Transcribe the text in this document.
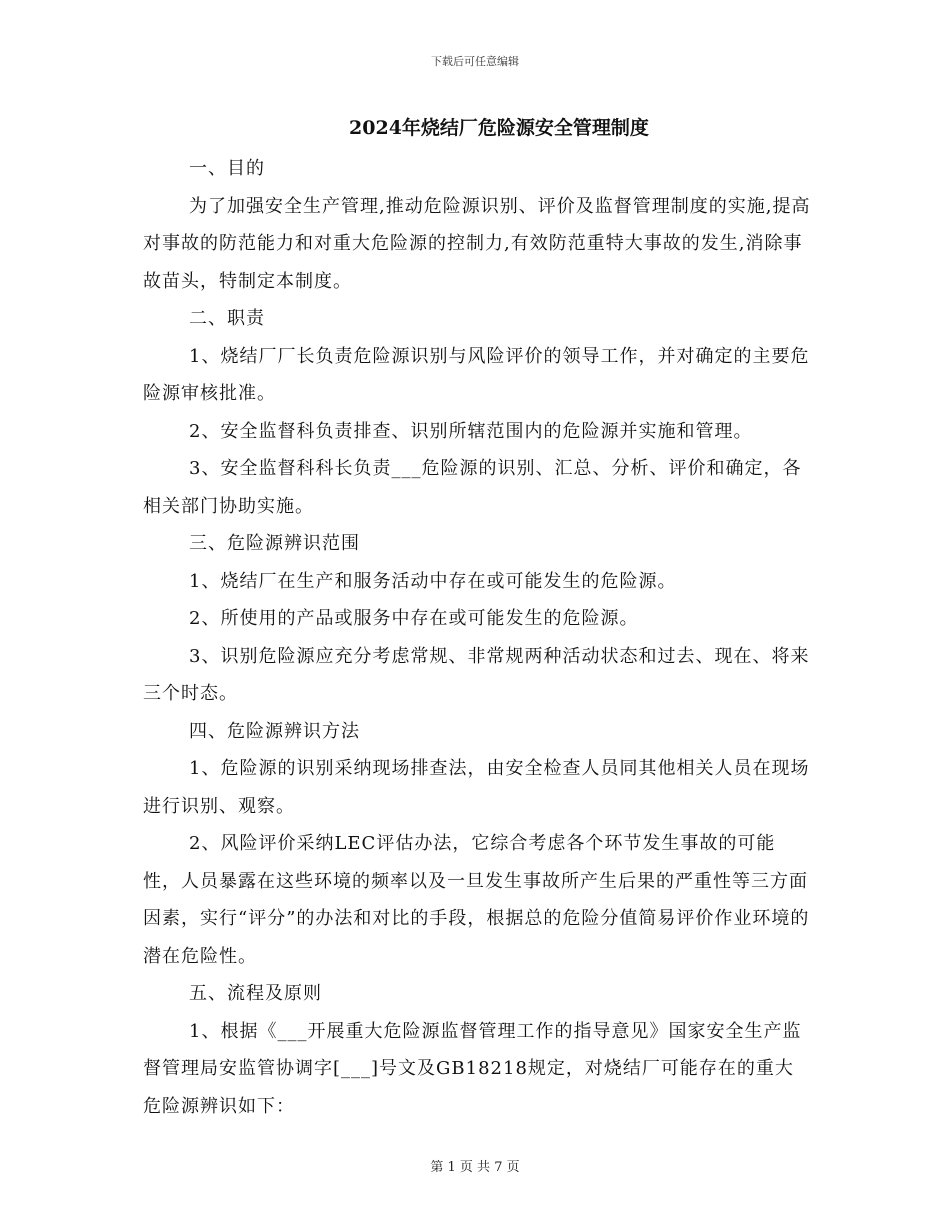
下载后可任意编辑
2024年烧结厂危险源安全管理制度

一、目的

为了加强安全生产管理,推动危险源识别、评价及监督管理制度的实施,提高对事故的防范能力和对重大危险源的控制力,有效防范重特大事故的发生,消除事故苗头，特制定本制度。

二、职责

1、烧结厂厂长负责危险源识别与风险评价的领导工作，并对确定的主要危险源审核批准。

2、安全监督科负责排查、识别所辖范围内的危险源并实施和管理。

3、安全监督科科长负责___危险源的识别、汇总、分析、评价和确定，各相关部门协助实施。

三、危险源辨识范围

1、烧结厂在生产和服务活动中存在或可能发生的危险源。

2、所使用的产品或服务中存在或可能发生的危险源。

3、识别危险源应充分考虑常规、非常规两种活动状态和过去、现在、将来三个时态。

四、危险源辨识方法

1、危险源的识别采纳现场排查法，由安全检查人员同其他相关人员在现场进行识别、观察。

2、风险评价采纳LEC评估办法，它综合考虑各个环节发生事故的可能性，人员暴露在这些环境的频率以及一旦发生事故所产生后果的严重性等三方面因素，实行“评分”的办法和对比的手段，根据总的危险分值简易评价作业环境的潜在危险性。

五、流程及原则

1、根据《___开展重大危险源监督管理工作的指导意见》国家安全生产监督管理局安监管协调字[___]号文及GB18218规定，对烧结厂可能存在的重大危险源辨识如下：

第 1 页 共 7 页
